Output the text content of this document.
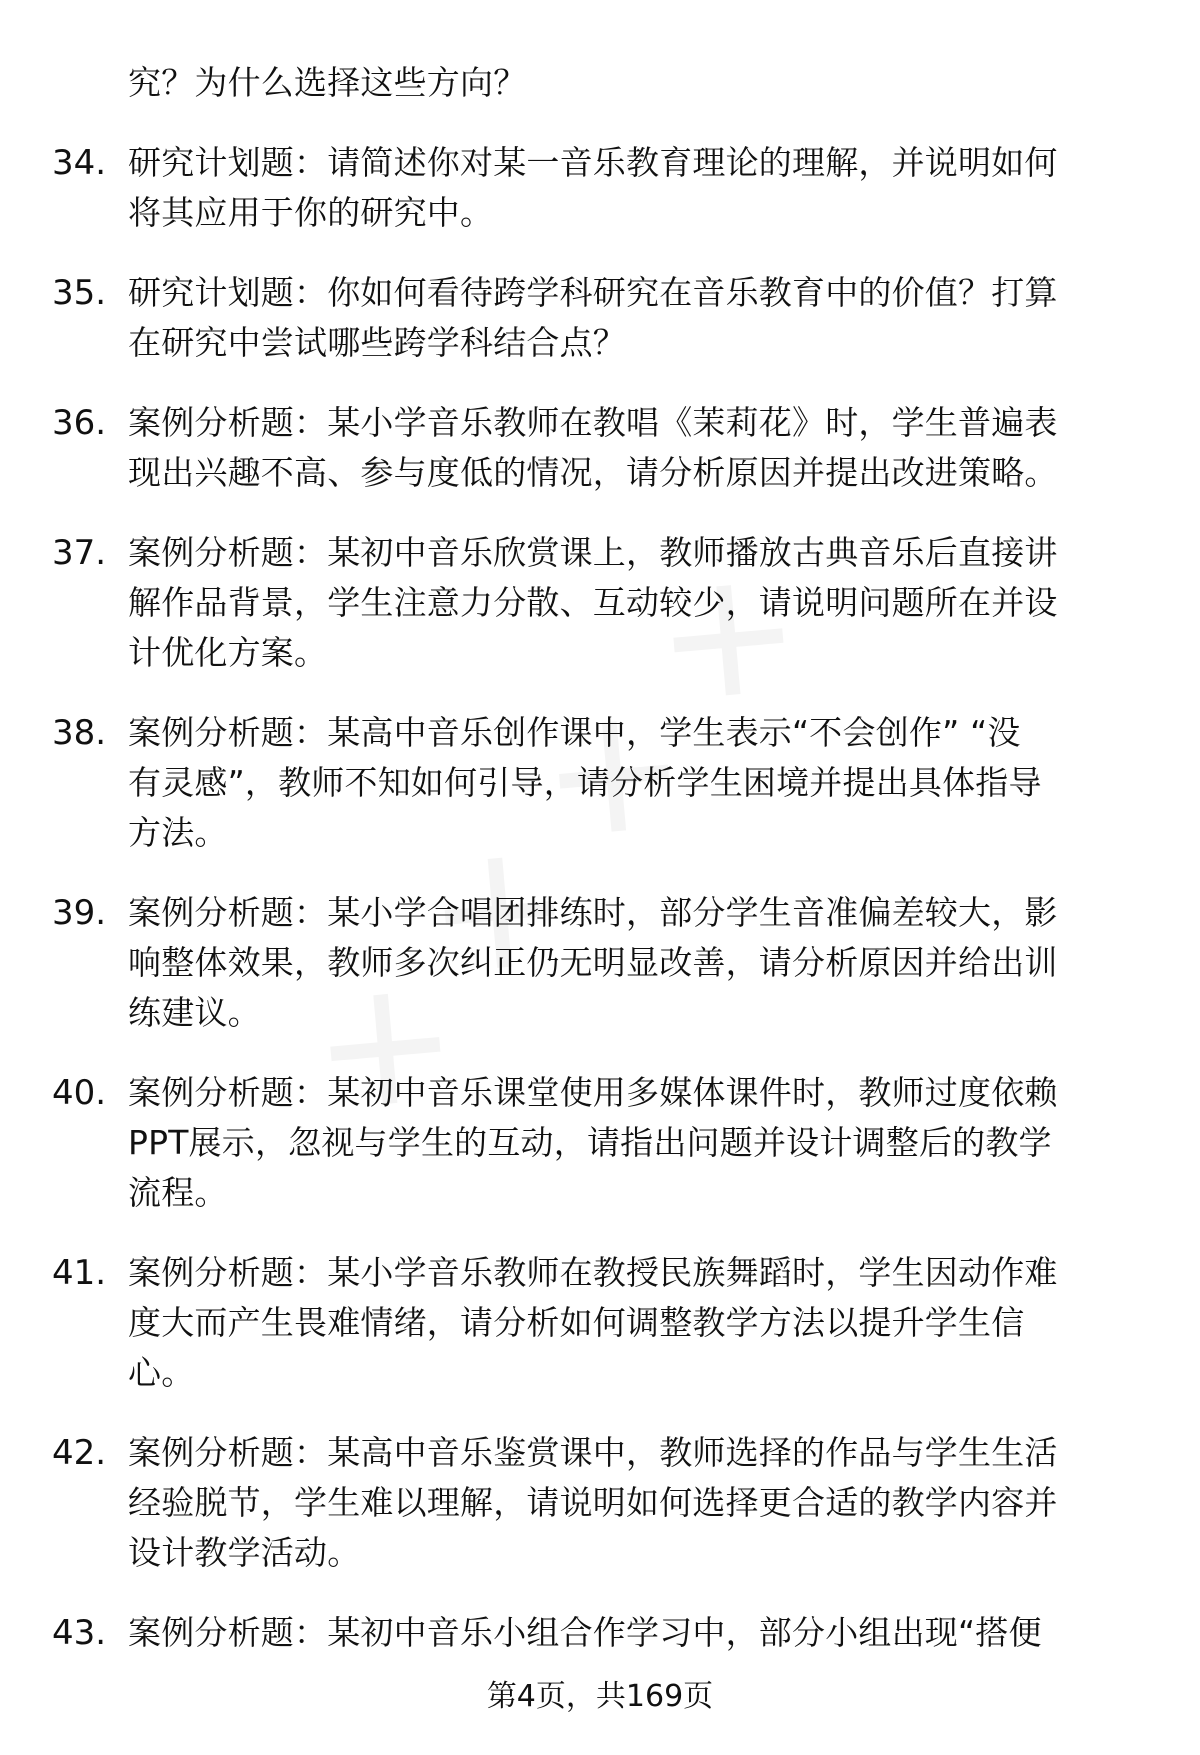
究？为什么选择这些方向？
34. 研究计划题：请简述你对某一音乐教育理论的理解，并说明如何
将其应用于你的研究中。
35. 研究计划题：你如何看待跨学科研究在音乐教育中的价值？打算
在研究中尝试哪些跨学科结合点？
36. 案例分析题：某小学音乐教师在教唱《茉莉花》时，学生普遍表
现出兴趣不高、参与度低的情况，请分析原因并提出改进策略。
37. 案例分析题：某初中音乐欣赏课上，教师播放古典音乐后直接讲
解作品背景，学生注意力分散、互动较少，请说明问题所在并设
计优化方案。
38. 案例分析题：某高中音乐创作课中，学生表示“不会创作” “没
有灵感”，教师不知如何引导，请分析学生困境并提出具体指导
方法。
39. 案例分析题：某小学合唱团排练时，部分学生音准偏差较大，影
响整体效果，教师多次纠正仍无明显改善，请分析原因并给出训
练建议。
40. 案例分析题：某初中音乐课堂使用多媒体课件时，教师过度依赖
PPT展示，忽视与学生的互动，请指出问题并设计调整后的教学
流程。
41. 案例分析题：某小学音乐教师在教授民族舞蹈时，学生因动作难
度大而产生畏难情绪，请分析如何调整教学方法以提升学生信
心。
42. 案例分析题：某高中音乐鉴赏课中，教师选择的作品与学生生活
经验脱节，学生难以理解，请说明如何选择更合适的教学内容并
设计教学活动。
43. 案例分析题：某初中音乐小组合作学习中，部分小组出现“搭便
第4页，共169页
